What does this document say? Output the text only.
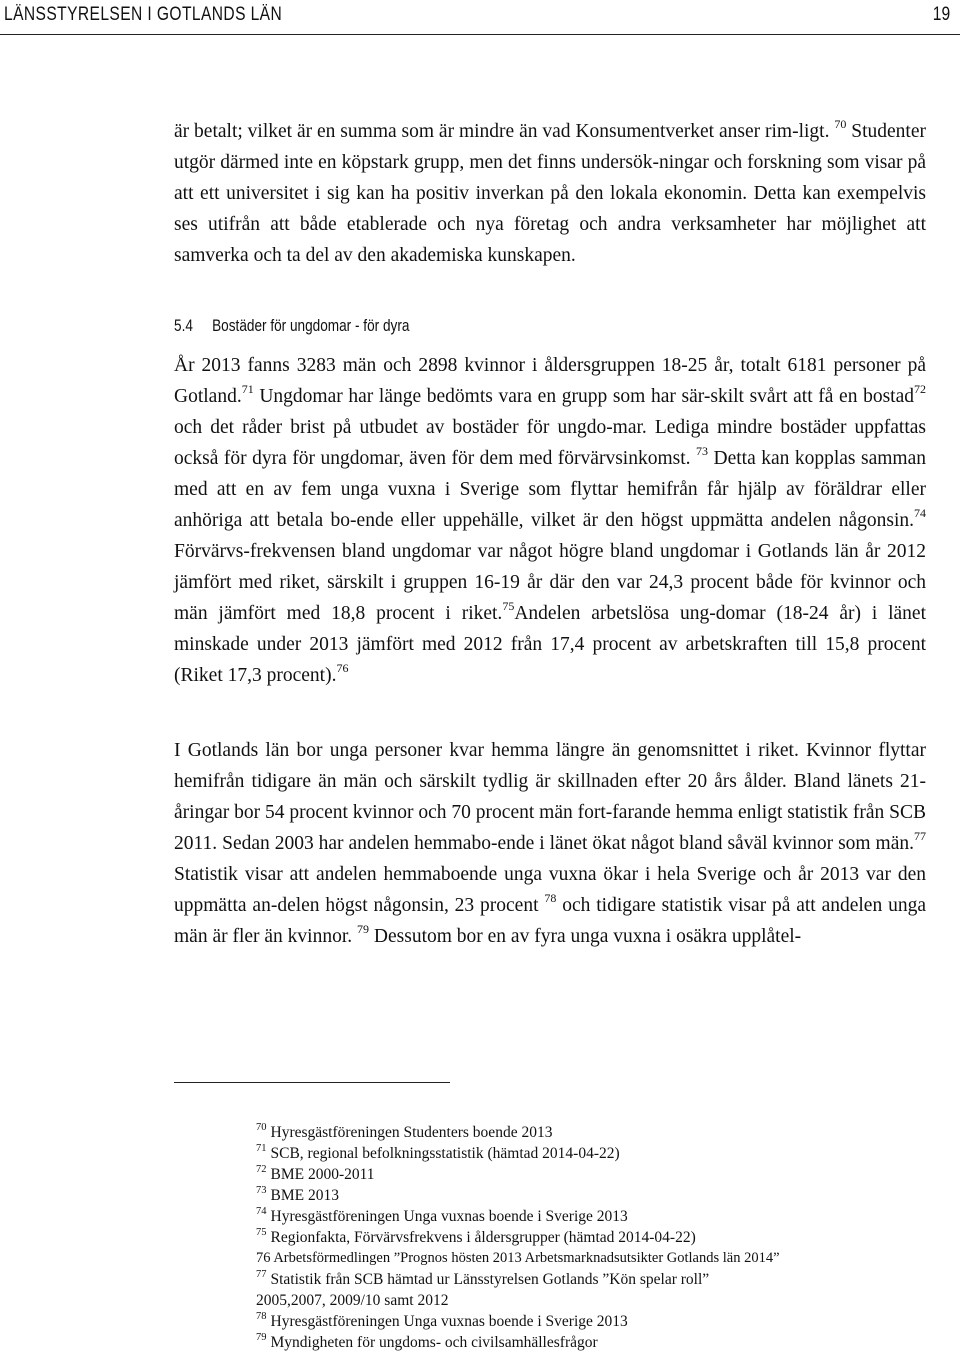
LÄNSSTYRELSEN I GOTLANDS LÄN	19

är betalt; vilket är en summa som är mindre än vad Konsumentverket anser rim-ligt. $^{70}$ Studenter utgör därmed inte en köpstark grupp, men det finns undersök-ningar och forskning som visar på att ett universitet i sig kan ha positiv inverkan på den lokala ekonomin. Detta kan exempelvis ses utifrån att både etablerade och nya företag och andra verksamheter har möjlighet att samverka och ta del av den akademiska kunskapen.

5.4 Bostäder för ungdomar - för dyra

År 2013 fanns 3283 män och 2898 kvinnor i åldersgruppen 18-25 år, totalt 6181 personer på Gotland.$^{71}$ Ungdomar har länge bedömts vara en grupp som har sär-skilt svårt att få en bostad$^{72}$ och det råder brist på utbudet av bostäder för ungdo-mar. Lediga mindre bostäder uppfattas också för dyra för ungdomar, även för dem med förvärvsinkomst. $^{73}$ Detta kan kopplas samman med att en av fem unga vuxna i Sverige som flyttar hemifrån får hjälp av föräldrar eller anhöriga att betala bo-ende eller uppehälle, vilket är den högst uppmätta andelen någonsin.$^{74}$ Förvärvs-frekvensen bland ungdomar var något högre bland ungdomar i Gotlands län år 2012 jämfört med riket, särskilt i gruppen 16-19 år där den var 24,3 procent både för kvinnor och män jämfört med 18,8 procent i riket.$^{75}$Andelen arbetslösa ung-domar (18-24 år) i länet minskade under 2013 jämfört med 2012 från 17,4 procent av arbetskraften till 15,8 procent (Riket 17,3 procent).$^{76}$

I Gotlands län bor unga personer kvar hemma längre än genomsnittet i riket. Kvinnor flyttar hemifrån tidigare än män och särskilt tydlig är skillnaden efter 20 års ålder. Bland länets 21-åringar bor 54 procent kvinnor och 70 procent män fort-farande hemma enligt statistik från SCB 2011. Sedan 2003 har andelen hemmabo-ende i länet ökat något bland såväl kvinnor som män.$^{77}$ Statistik visar att andelen hemmaboende unga vuxna ökar i hela Sverige och år 2013 var den uppmätta an-delen högst någonsin, 23 procent $^{78}$ och tidigare statistik visar på att andelen unga män är fler än kvinnor. $^{79}$ Dessutom bor en av fyra unga vuxna i osäkra upplåtel-

$^{70}$ Hyresgästföreningen Studenters boende 2013
$^{71}$ SCB, regional befolkningsstatistik (hämtad 2014-04-22)
$^{72}$ BME 2000-2011
$^{73}$ BME 2013
$^{74}$ Hyresgästföreningen Unga vuxnas boende i Sverige 2013
$^{75}$ Regionfakta, Förvärvsfrekvens i åldersgrupper (hämtad 2014-04-22)
76 Arbetsförmedlingen ”Prognos hösten 2013 Arbetsmarknadsutsikter Gotlands län 2014”
$^{77}$ Statistik från SCB hämtad ur Länsstyrelsen Gotlands ”Kön spelar roll”
2005,2007, 2009/10 samt 2012
$^{78}$ Hyresgästföreningen Unga vuxnas boende i Sverige 2013
$^{79}$ Myndigheten för ungdoms- och civilsamhällesfrågor
